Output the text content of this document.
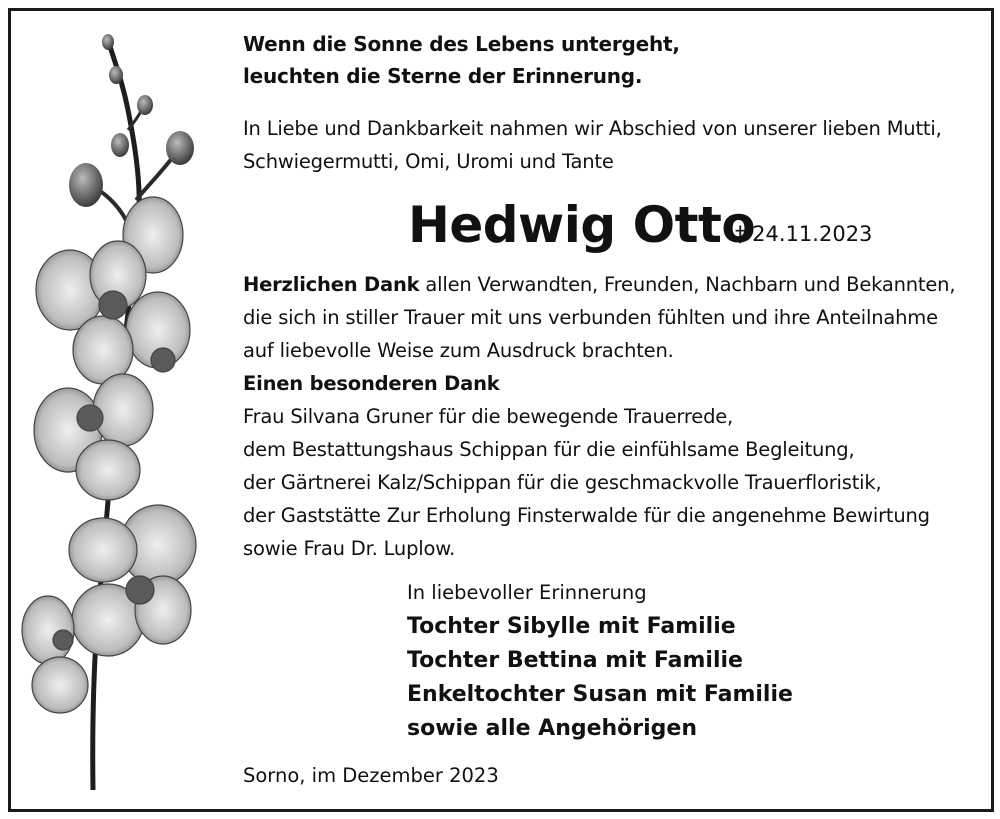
Wenn die Sonne des Lebens untergeht,
leuchten die Sterne der Erinnerung.
In Liebe und Dankbarkeit nahmen wir Abschied von unserer lieben Mutti,
Schwiegermutti, Omi, Uromi und Tante
Hedwig Otto
† 24.11.2023
Herzlichen Dank allen Verwandten, Freunden, Nachbarn und Bekannten,
die sich in stiller Trauer mit uns verbunden fühlten und ihre Anteilnahme
auf liebevolle Weise zum Ausdruck brachten.
Einen besonderen Dank
Frau Silvana Gruner für die bewegende Trauerrede,
dem Bestattungshaus Schippan für die einfühlsame Begleitung,
der Gärtnerei Kalz/Schippan für die geschmackvolle Trauerfloristik,
der Gaststätte Zur Erholung Finsterwalde für die angenehme Bewirtung
sowie Frau Dr. Luplow.
In liebevoller Erinnerung
Tochter Sibylle mit Familie
Tochter Bettina mit Familie
Enkeltochter Susan mit Familie
sowie alle Angehörigen
Sorno, im Dezember 2023
